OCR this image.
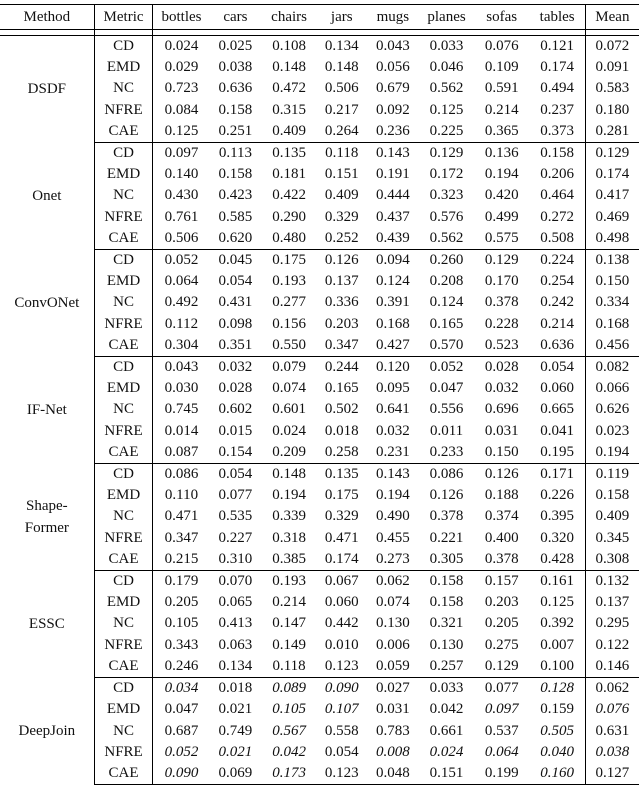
Method	Metric	bottles	cars	chairs	jars	mugs	planes	sofas	tables	Mean

DSDF	CD	0.024	0.025	0.108	0.134	0.043	0.033	0.076	0.121	0.072
	EMD	0.029	0.038	0.148	0.148	0.056	0.046	0.109	0.174	0.091
	NC	0.723	0.636	0.472	0.506	0.679	0.562	0.591	0.494	0.583
	NFRE	0.084	0.158	0.315	0.217	0.092	0.125	0.214	0.237	0.180
	CAE	0.125	0.251	0.409	0.264	0.236	0.225	0.365	0.373	0.281
Onet	CD	0.097	0.113	0.135	0.118	0.143	0.129	0.136	0.158	0.129
	EMD	0.140	0.158	0.181	0.151	0.191	0.172	0.194	0.206	0.174
	NC	0.430	0.423	0.422	0.409	0.444	0.323	0.420	0.464	0.417
	NFRE	0.761	0.585	0.290	0.329	0.437	0.576	0.499	0.272	0.469
	CAE	0.506	0.620	0.480	0.252	0.439	0.562	0.575	0.508	0.498
ConvONet	CD	0.052	0.045	0.175	0.126	0.094	0.260	0.129	0.224	0.138
	EMD	0.064	0.054	0.193	0.137	0.124	0.208	0.170	0.254	0.150
	NC	0.492	0.431	0.277	0.336	0.391	0.124	0.378	0.242	0.334
	NFRE	0.112	0.098	0.156	0.203	0.168	0.165	0.228	0.214	0.168
	CAE	0.304	0.351	0.550	0.347	0.427	0.570	0.523	0.636	0.456
IF-Net	CD	0.043	0.032	0.079	0.244	0.120	0.052	0.028	0.054	0.082
	EMD	0.030	0.028	0.074	0.165	0.095	0.047	0.032	0.060	0.066
	NC	0.745	0.602	0.601	0.502	0.641	0.556	0.696	0.665	0.626
	NFRE	0.014	0.015	0.024	0.018	0.032	0.011	0.031	0.041	0.023
	CAE	0.087	0.154	0.209	0.258	0.231	0.233	0.150	0.195	0.194
Shape-Former	CD	0.086	0.054	0.148	0.135	0.143	0.086	0.126	0.171	0.119
	EMD	0.110	0.077	0.194	0.175	0.194	0.126	0.188	0.226	0.158
	NC	0.471	0.535	0.339	0.329	0.490	0.378	0.374	0.395	0.409
	NFRE	0.347	0.227	0.318	0.471	0.455	0.221	0.400	0.320	0.345
	CAE	0.215	0.310	0.385	0.174	0.273	0.305	0.378	0.428	0.308
ESSC	CD	0.179	0.070	0.193	0.067	0.062	0.158	0.157	0.161	0.132
	EMD	0.205	0.065	0.214	0.060	0.074	0.158	0.203	0.125	0.137
	NC	0.105	0.413	0.147	0.442	0.130	0.321	0.205	0.392	0.295
	NFRE	0.343	0.063	0.149	0.010	0.006	0.130	0.275	0.007	0.122
	CAE	0.246	0.134	0.118	0.123	0.059	0.257	0.129	0.100	0.146
DeepJoin	CD	0.034	0.018	0.089	0.090	0.027	0.033	0.077	0.128	0.062
	EMD	0.047	0.021	0.105	0.107	0.031	0.042	0.097	0.159	0.076
	NC	0.687	0.749	0.567	0.558	0.783	0.661	0.537	0.505	0.631
	NFRE	0.052	0.021	0.042	0.054	0.008	0.024	0.064	0.040	0.038
	CAE	0.090	0.069	0.173	0.123	0.048	0.151	0.199	0.160	0.127
